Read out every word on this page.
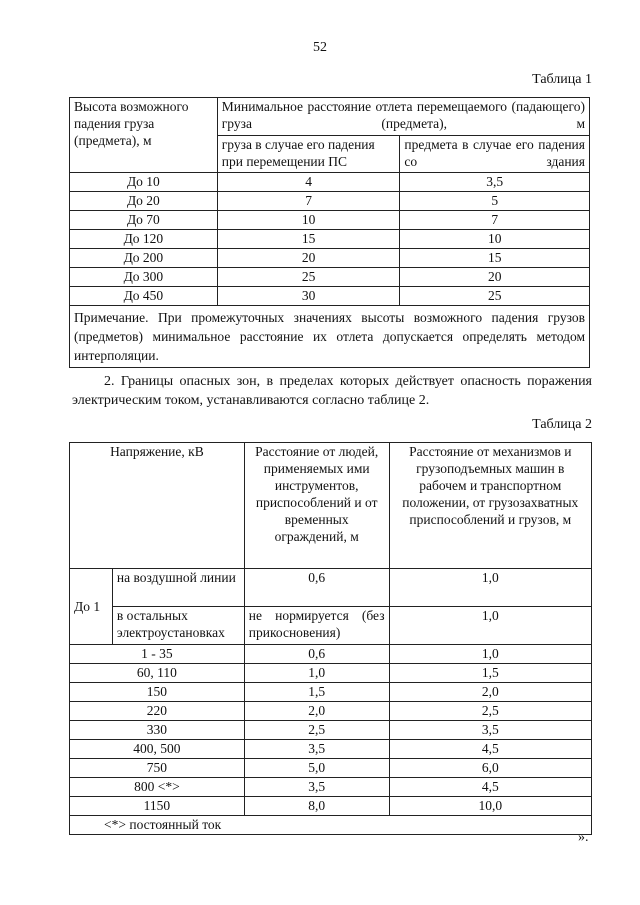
52
Таблица 1
Высота возможного падения груза (предмета), м	Минимальное расстояние отлета перемещаемого (падающего) груза (предмета), м	
	груза в случае его падения при перемещении ПС	предмета в случае его падения со здания
До 10	4	3,5
До 20	7	5
До 70	10	7
До 120	15	10
До 200	20	15
До 300	25	20
До 450	30	25
Примечание. При промежуточных значениях высоты возможного падения грузов (предметов) минимальное расстояние их отлета допускается определять методом интерполяции.		
2. Границы опасных зон, в пределах которых действует опасность поражения электрическим током, устанавливаются согласно таблице 2.
Таблица 2
Напряжение, кВ		Расстояние от людей, применяемых ими инструментов, приспособлений и от временных ограждений, м	Расстояние от механизмов и грузоподъемных машин в рабочем и транспортном положении, от грузозахватных приспособлений и грузов, м
До 1	на воздушной линии	0,6	1,0
	в остальных электроустановках	не нормируется (без прикосновения)	1,0
1 - 35		0,6	1,0
60, 110		1,0	1,5
150		1,5	2,0
220		2,0	2,5
330		2,5	3,5
400, 500		3,5	4,5
750		5,0	6,0
800 <*>		3,5	4,5
1150		8,0	10,0
<*> постоянный ток			
».
